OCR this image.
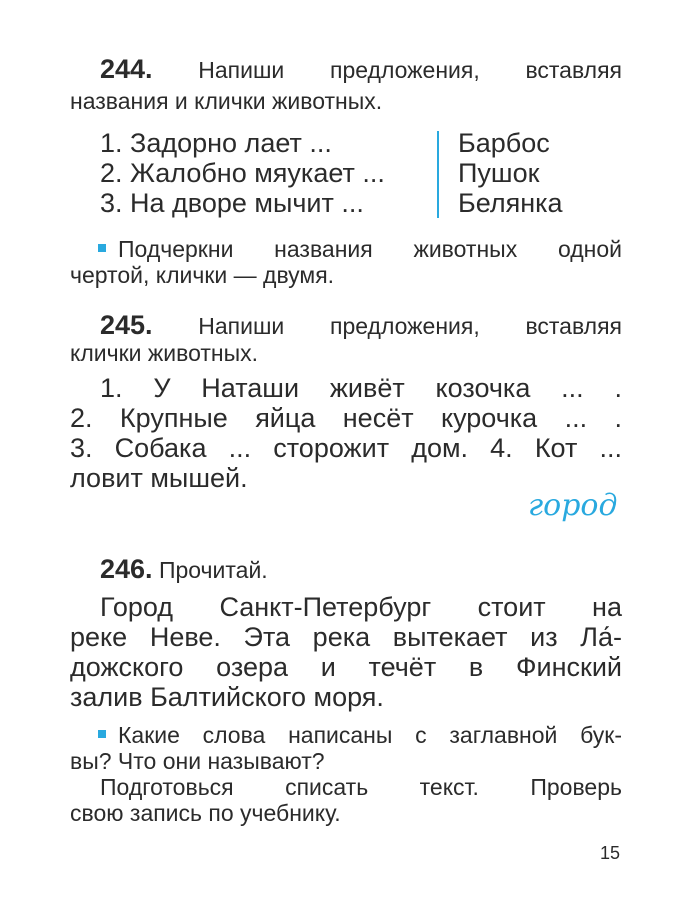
244. Напиши предложения, вставляя
названия и клички животных.
1. Задорно лает ...
2. Жалобно мяукает ...
3. На дворе мычит ...
Барбос
Пушок
Белянка
Подчеркни названия животных одной
чертой, клички — двумя.
245. Напиши предложения, вставляя
клички животных.
1. У Наташи живёт козочка ... .
2. Крупные яйца несёт курочка ... .
3. Собака ... сторожит дом. 4. Кот ...
ловит мышей.
город
246. Прочитай.
Город Санкт-Петербург стоит на
реке Неве. Эта река вытекает из Ла́-
дожского озера и течёт в Финский
залив Балтийского моря.
Какие слова написаны с заглавной бук-
вы? Что они называют?
Подготовься списать текст. Проверь
свою запись по учебнику.
15
